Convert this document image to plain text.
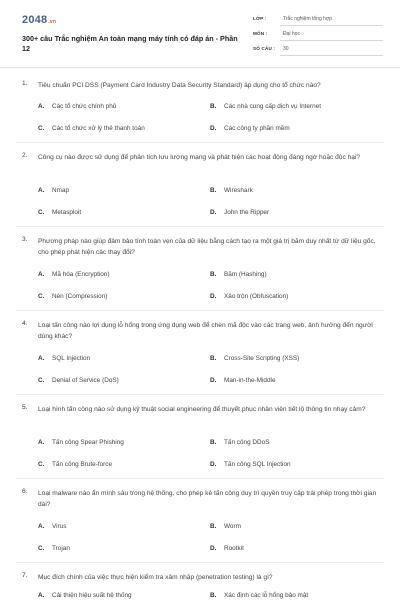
2048.vn
300+ câu Trắc nghiệm An toàn mạng máy tính có đáp án - Phần 12
LỚP :	Trắc nghiệm tổng hợp
MÔN :	Đại học
SỐ CÂU : 30
1. Tiêu chuẩn PCI DSS (Payment Card Industry Data Security Standard) áp dụng cho tổ chức nào?
A. Các tổ chức chính phủ	B. Các nhà cung cấp dịch vụ Internet
C. Các tổ chức xử lý thẻ thanh toán	D. Các công ty phần mềm
2. Công cụ nào được sử dụng để phân tích lưu lượng mạng và phát hiện các hoạt động đáng ngờ hoặc độc hại?
A. Nmap	B. Wireshark
C. Metasploit	D. John the Ripper
3. Phương pháp nào giúp đảm bảo tính toàn vẹn của dữ liệu bằng cách tạo ra một giá trị băm duy nhất từ dữ liệu gốc, cho phép phát hiện các thay đổi?
A. Mã hóa (Encryption)	B. Băm (Hashing)
C. Nén (Compression)	D. Xáo trộn (Obfuscation)
4. Loại tấn công nào lợi dụng lỗ hổng trong ứng dụng web để chèn mã độc vào các trang web, ảnh hưởng đến người dùng khác?
A. SQL Injection	B. Cross-Site Scripting (XSS)
C. Denial of Service (DoS)	D. Man-in-the-Middle
5. Loại hình tấn công nào sử dụng kỹ thuật social engineering để thuyết phục nhân viên tiết lộ thông tin nhạy cảm?
A. Tấn công Spear Phishing	B. Tấn công DDoS
C. Tấn công Brute-force	D. Tấn công SQL Injection
6. Loại malware nào ẩn mình sâu trong hệ thống, cho phép kẻ tấn công duy trì quyền truy cập trái phép trong thời gian dài?
A. Virus	B. Worm
C. Trojan	D. Rootkit
7. Mục đích chính của việc thực hiện kiểm tra xâm nhập (penetration testing) là gì?
A. Cải thiện hiệu suất hệ thống	B. Xác định các lỗ hổng bảo mật
